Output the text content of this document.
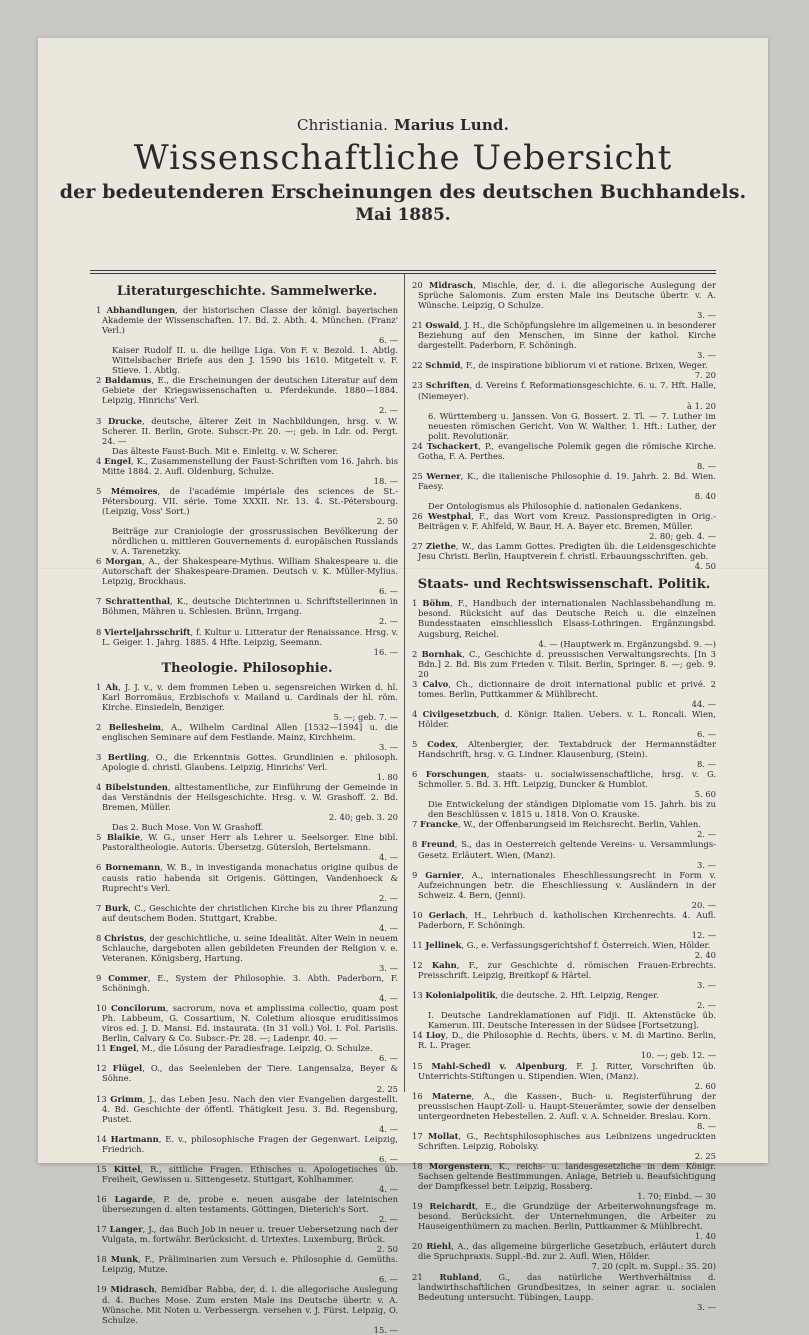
Christiania. Marius Lund.
Wissenschaftliche Uebersicht
der bedeutenderen Erscheinungen des deutschen Buchhandels.
Mai 1885.
Literaturgeschichte. Sammelwerke.

1 Abhandlungen, der historischen Classe der königl. bayerischen Akademie der Wissenschaften. 17. Bd. 2. Abth. 4. München. (Franz' Verl.)
6. —
Kaiser Rudolf II. u. die heilige Liga. Von F. v. Bezold. 1. Abtlg. Wittelsbacher Briefe aus den J. 1590 bis 1610. Mitgetelt v. F. Stieve. 1. Abtlg.

2 Baldamus, E., die Erscheinungen der deutschen Literatur auf dem Gebiete der Kriegswissenschaften u. Pferdekunde. 1880—1884. Leipzig, Hinrichs' Verl.
2. —

3 Drucke, deutsche, älterer Zeit in Nachbildungen, hrsg. v. W. Scherer. II. Berlin, Grote. Subscr.-Pr. 20. —; geb. in Ldr. od. Pergt. 24. —
Das älteste Faust-Buch. Mit e. Einleitg. v. W. Scherer.

4 Engel, K., Zusammenstellung der Faust-Schriften vom 16. Jahrh. bis Mitte 1884. 2. Aufl. Oldenburg, Schulze.
18. —

5 Mémoires, de l'académie impériale des sciences de St.-Pétersbourg. VII. série. Tome XXXII. Nr. 13. 4. St.-Pétersbourg. (Leipzig, Voss' Sort.)
2. 50
Beiträge zur Craniologie der grossrussischen Bevölkerung der nördlichen u. mittleren Gouvernements d. europäischen Russlands v. A. Tarenetzky.

6 Morgan, A., der Shakespeare-Mythus. William Shakespeare u. die Autorschaft der Shakespeare-Dramen. Deutsch v. K. Müller-Mylius. Leipzig, Brockhaus.
6. —

7 Schrattenthal, K., deutsche Dichterinnen u. Schriftstellerinnen in Böhmen, Mähren u. Schlesien. Brünn, Irrgang.
2. —

8 Vierteljahrsschrift, f. Kultur u. Litteratur der Renaissance. Hrsg. v. L. Geiger. 1. Jahrg. 1885. 4 Hfte. Leipzig, Seemann.
16. —

Theologie. Philosophie.

1 Ah, J. J. v., v. dem frommen Leben u. segensreichen Wirken d. hl. Karl Borromäus, Erzbischofs v. Mailand u. Cardinals der hl. röm. Kirche. Einsiedeln, Benziger.
5. —; geb. 7. —

2 Bellesheim, A., Wilhelm Cardinal Allen [1532—1594] u. die englischen Seminare auf dem Festlande. Mainz, Kirchheim.
3. —

3 Bertling, O., die Erkenntnis Gottes. Grundlinien e. philosoph. Apologie d. christl. Glaubens. Leipzig, Hinrichs' Verl.
1. 80

4 Bibelstunden, alttestamentliche, zur Einführung der Gemeinde in das Verständnis der Heilsgeschichte. Hrsg. v. W. Grashoff. 2. Bd. Bremen, Müller.
2. 40; geb. 3. 20
Das 2. Buch Mose. Von W. Grashoff.

5 Blaikie, W. G., unser Herr als Lehrer u. Seelsorger. Eine bibl. Pastoraltheologie. Autoris. Übersetzg. Gütersloh, Bertelsmann.
4. —

6 Bornemann, W. B., in investiganda monachatus origine quibus de causis ratio habenda sit Origenis. Göttingen, Vandenhoeck & Ruprecht's Verl.
2. —

7 Burk, C., Geschichte der christlichen Kirche bis zu ihrer Pflanzung auf deutschem Boden. Stuttgart, Krabbe.
4. —

8 Christus, der geschichtliche, u. seine Idealität. Alter Wein in neuem Schlauche, dargeboten allen gebildeten Freunden der Religion v. e. Veteranen. Königsberg, Hartung.
3. —

9 Commer, E., System der Philosophie. 3. Abth. Paderborn, F. Schöningh.
4. —

10 Concilorum, sacrorum, nova et amplissima collectio, quam post Ph. Labbeum, G. Cossartium, N. Coletium aliosque eruditissimos viros ed. J. D. Mansi. Ed. instaurata. (In 31 voll.) Vol. I. Fol. Parisiis. Berlin, Calvary & Co. Subscr.-Pr. 28. —; Ladenpr. 40. —

11 Engel, M., die Lösung der Paradiesfrage. Leipzig, O. Schulze.
6. —

12 Flügel, O., das Seelenleben der Tiere. Langensalza, Beyer & Söhne.
2. 25

13 Grimm, J., das Leben Jesu. Nach den vier Evangelien dargestellt. 4. Bd. Geschichte der öffentl. Thätigkeit Jesu. 3. Bd. Regensburg, Pustet.
4. —

14 Hartmann, E. v., philosophische Fragen der Gegenwart. Leipzig, Friedrich.
6. —

15 Kittel, R., sittliche Fragen. Ethisches u. Apologetisches üb. Freiheit, Gewissen u. Sittengesetz. Stuttgart, Kohlhammer.
4. —

16 Lagarde, P. de, probe e. neuen ausgabe der lateinischen übersezungen d. alten testaments. Göttingen, Dieterich's Sort.
2. —

17 Langer, J., das Buch Job in neuer u. treuer Uebersetzung nach der Vulgata, m. fortwähr. Berücksicht. d. Urtextes. Luxemburg, Brück.
2. 50

18 Munk, F., Präliminarien zum Versuch e. Philosophie d. Gemüths. Leipzig, Mutze.
6. —

19 Midrasch, Bemidbar Rabba, der, d. i. die allegorische Auslegung d. 4. Buches Mose. Zum ersten Male ins Deutsche übertr. v. A. Wünsche. Mit Noten u. Verbessergn. versehen v. J. Fürst. Leipzig, O. Schulze.
15. —

20 Midrasch, Mischle, der, d. i. die allegorische Auslegung der Sprüche Salomonis. Zum ersten Male ins Deutsche übertr. v. A. Wünsche. Leipzig, O Schulze.
3. —

21 Oswald, J. H., die Schöpfungslehre im allgemeinen u. in besonderer Beziehung auf den Menschen, im Sinne der kathol. Kirche dargestellt. Paderborn, F. Schöningh.
3. —

22 Schmid, F., de inspiratione bibliorum vi et ratione. Brixen, Weger.
7. 20

23 Schriften, d. Vereins f. Reformationsgeschichte. 6. u. 7. Hft. Halle, (Niemeyer).
à 1. 20
6. Württemberg u. Janssen. Von G. Bossert. 2. Tl. — 7. Luther im neuesten römischen Gericht. Von W. Walther. 1. Hft.: Luther, der polit. Revolutionär.

24 Tschackert, P., evangelische Polemik gegen die römische Kirche. Gotha, F. A. Perthes.
8. —

25 Werner, K., die italienische Philosophie d. 19. Jahrh. 2. Bd. Wien. Faesy.
8. 40
Der Ontologismus als Philosophie d. nationalen Gedankens.

26 Westphal, F., das Wort vom Kreuz. Passionspredigten in Orig.-Beiträgen v. F. Ahlfeld, W. Baur, H. A. Bayer etc. Bremen, Müller.
2. 80; geb. 4. —

27 Ziethe, W., das Lamm Gottes. Predigten üb. die Leidensgeschichte Jesu Christi. Berlin, Hauptverein f. christl. Erbauungsschriften. geb.
4. 50

Staats- und Rechtswissenschaft. Politik.

1 Böhm, F., Handbuch der internationalen Nachlassbehandlung m. besond. Rücksicht auf das Deutsche Reich u. die einzelnen Bundesstaaten einschliesslich Elsass-Lothringen. Ergänzungsbd. Augsburg, Reichel.
4. — (Hauptwerk m. Ergänzungsbd. 9. —)

2 Bornhak, C., Geschichte d. preussischen Verwaltungsrechts. [In 3 Bdn.] 2. Bd. Bis zum Frieden v. Tilsit. Berlin, Springer. 8. —; geb. 9. 20

3 Calvo, Ch., dictionnaire de droit international public et privé. 2 tomes. Berlin, Puttkammer & Mühlbrecht.
44. —

4 Civilgesetzbuch, d. Königr. Italien. Uebers. v. L. Roncali. Wien, Hölder.
6. —

5 Codex, Altenbergier, der. Textabdruck der Hermannstädter Handschrift, hrsg. v. G. Lindner. Klausenburg, (Stein).
8. —

6 Forschungen, staats- u. socialwissenschaftliche, hrsg. v. G. Schmoller. 5. Bd. 3. Hft. Leipzig, Duncker & Humblot.
5. 60
Die Entwickelung der ständigen Diplomatie vom 15. Jahrh. bis zu den Beschlüssen v. 1815 u. 1818. Von O. Krauske.

7 Francke, W., der Offenbarungseid im Reichsrecht. Berlin, Vahlen.
2. —

8 Freund, S., das in Oesterreich geltende Vereins- u. Versammlungs-Gesetz. Erläutert. Wien, (Manz).
3. —

9 Garnier, A., internationales Eheschliessungsrecht in Form v. Aufzeichnungen betr. die Eheschliessung v. Ausländern in der Schweiz. 4. Bern, (Jenni).
20. —

10 Gerlach, H., Lehrbuch d. katholischen Kirchenrechts. 4. Aufl. Paderborn, F. Schöningh.
12. —

11 Jellinek, G., e. Verfassungsgerichtshof f. Österreich. Wien, Hölder.
2. 40

12 Kahn, F., zur Geschichte d. römischen Frauen-Erbrechts. Preisschrift. Leipzig, Breitkopf & Härtel.
3. —

13 Kolonialpolitik, die deutsche. 2. Hft. Leipzig, Renger.
2. —
I. Deutsche Landreklamationen auf Fidji. II. Aktenstücke üb. Kamerun. III. Deutsche Interessen in der Südsee [Fortsetzung].

14 Lioy, D., die Philosophie d. Rechts, übers. v. M. di Martino. Berlin, R. L. Prager.
10. —; geb. 12. —

15 Mahl-Schedl v. Alpenburg, F. J. Ritter, Vorschriften üb. Unterrichts-Stiftungen u. Stipendien. Wien, (Manz).
2. 60

16 Materne, A., die Kassen-, Buch- u. Registerführung der preussischen Haupt-Zoll- u. Haupt-Steuerämter, sowie der denselben untergeordneten Hebestellen. 2. Aufl. v. A. Schneider. Breslau. Korn.
8. —

17 Mollat, G., Rechtsphilosophisches aus Leibnizens ungedruckten Schriften. Leipzig, Robolsky.
2. 25

18 Morgenstern, K., reichs- u. landesgesetzliche in dem Königr. Sachsen geltende Bestimmungen. Anlage, Betrieb u. Beaufsichtigung der Dampfkessel betr. Leipzig, Rossberg.
1. 70; Einbd. — 30

19 Reichardt, E., die Grundzüge der Arbeiterwohnungsfrage m. besond. Berücksicht. der Unternehmungen, die Arbeiter zu Hauseigenthümern zu machen. Berlin, Puttkammer & Mühlbrecht.
1. 40

20 Riehl, A., das allgemeine bürgerliche Gesetzbuch, erläutert durch die Spruchpraxis. Suppl.-Bd. zur 2. Aufl. Wien, Hölder.
7. 20 (cplt. m. Suppl.: 35. 20)

21 Rubland, G., das natürliche Werthverhältniss d. landwirthschaftlichen Grundbesitzes, in seiner agrar. u. socialen Bedeutung untersucht. Tübingen, Laupp.
3. —
